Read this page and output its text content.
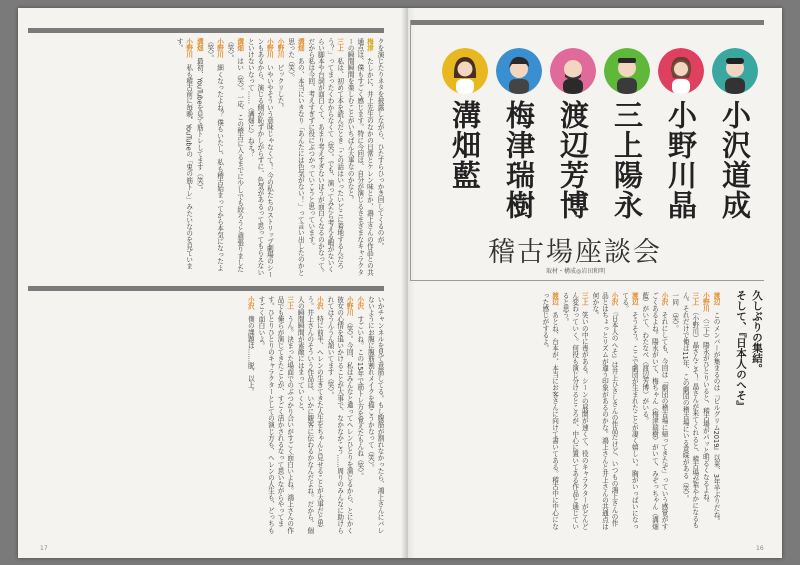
クを演じたりネタを披露しながら、ひたすらひっかき回してくるのが。

梅津　たしかに、井上先生のなかの日常とケレン味とか、鴻上さんの作品との共通点は、僕もすごく感じます。特に今回は、自分が演じるさまざまなキャラクターの瞬間瞬間を楽しむことがいちばん大事なのかなと。

三上　私は、初めて本を読んだとき「この話はいったいどこに着地するんだろう？」ってまったくわからなくて（笑）。でも、演ってみたら考える暇がないくらい脚本や台詞が面白くて、あまり考えすぎないほうが面白くなるのかなって。だから私は今回、考えすぎずに役にぶつかっていこうと思っています。

溝畑　あの、本当にいきなり「あんたには色気がない！」って言い出したのかと思った（笑）。

小野川　ビックリした。

小野川　いやいやそういう意味じゃなくて！ 今の私たちのストリップ劇場のシーンもあるから、演じる側が恥ずかしがらずに、色気があるって思ってもらえないといけないなって……（溝畑に）ねえ？

溝畑　はい（笑）。一応、この稽古に入るまでに少しでも絞ろうと頑張りました（笑）。

小野川　細くなったよね？ 僕もいたし、私も稽古始まってから本気になったよ（笑）。

溝畑　最初、YouTubeを見て筋トレしてます（笑）。

小野川　私も稽古前に毎晩、YouTubeの「鬼の筋トレ」みたいなのを見ています。

いかチャンネルを見て意筋してる。もし腹筋が割れなかったら、鴻上さんにバレないようにお腹に腹筋割れメイクを描こうかなって（笑）。

小沢　すごいね。この15年で筋トレ方を覚えたもんね（笑）。

小野川　（笑）。今回、私はみんなと違ってヘレンひとりを演じるから、とにかく彼女の心情を追いかけることが大事で、なかなかこう……周りのみんなに助けられてはうんうん頷いてます（笑）。

小沢　特に前半、ヘレンの生きてきた人生をちゃんと見せることが大事だと思う。井上さんのそういう作品は、いかに観客に伝わるかなんだよね。だから、個人の瞬間瞬間が素敵にはまっていくと、

三上　うん。決まった場面でのぶつかり合いがすごく面白いよね。鴻上さんの作品でも俺らが演じてきたことが、すごく活かされるなって思いながらやってます。ひとりひとりのキャラクターとしての演じ方も、ヘレンの人生も、どっちもすごく面白いよ。

小沢　僕の課題は……脱、以上。

17
小沢道成
小野川晶
三上陽永
渡辺芳博
梅津瑞樹
溝畑藍
稽古場座談会
取材・構成◎岩田和明
久しぶりの集結。
そして、『日本人のへそ』

渡辺　このメンバーが集まるのは『ピルグリム2019』以来、3年半ぶりだね。

小野川　（三上）陽永がひとりいると、稽古場がパッと明るくなるよね。

三上　（小野川）晶さんこそ！ 晶さんが来てくれると、稽古場が華やかになるもん。それだけで俺は11年、この劇団の稽古場にいる意味がある（笑）。

一同　（笑）。

小沢　それにしても、今回は「劇団の稽古場に帰ってきたぞ」っていう感覚がすごくあるよね。陽永がいて、梅ちゃん（梅津瑞樹）がいて、みぞっちゃん（溝畑藍）がいて、わたなべ（渡辺芳博）がいる。

渡辺　そうそう。ここで劇団が生まれたことが凄く嬉しい。胸がいっぱいになってる。

小沢　『日本人のへそ』は井上ひさしさんの作品だけど、いつもの鴻上さんの作品とはちょっとリズムが違う印象があるのかな。鴻上さんと井上さんの共通点は何かな。

三上　笑いの中に毒がある。シーンの展開が速くて、役のキャラクターがどんどん変わっていく。何役も演じ分けるところが、中心に置いてある作品と通じていると思う。

渡辺　あとね、台本が、本当にお客さんに向けて書いてある。稽古中に中心になった感じがするよ。

16
